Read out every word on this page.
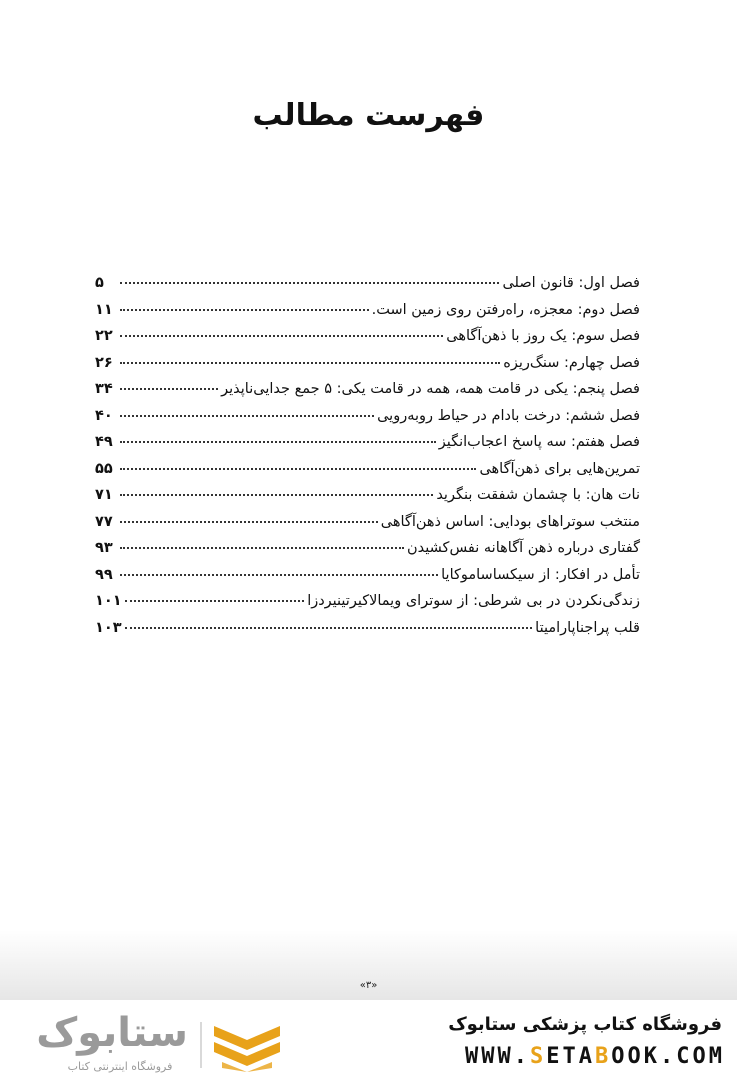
فهرست مطالب
فصل اول: قانون اصلی
۵
فصل دوم: معجزه، راه‌رفتن روی زمین است.
۱۱
فصل سوم: یک روز با ذهن‌آگاهی
۲۲
فصل چهارم: سنگ‌ریزه
۲۶
فصل پنجم: یکی در قامت همه، همه در قامت یکی: ۵ جمع جدایی‌ناپذیر
۳۴
فصل ششم: درخت بادام در حیاط روبه‌رویی
۴۰
فصل هفتم: سه پاسخ اعجاب‌انگیز
۴۹
تمرین‌هایی برای ذهن‌آگاهی
۵۵
نات هان: با چشمان شفقت بنگرید
۷۱
منتخب سوتراهای بودایی: اساس ذهن‌آگاهی
۷۷
گفتاری درباره ذهن آگاهانه نفس‌کشیدن
۹۳
تأمل در افکار: از سیکساساموکایا
۹۹
زندگی‌نکردن در بی شرطی: از سوترای ویمالاکیرتینیردزا
۱۰۱
قلب پراجناپارامیتا
۱۰۳
«۳»
فروشگاه کتاب پزشکی ستابوک
WWW.SETABOOK.COM
ستابوک
فروشگاه اینترنتی کتاب
